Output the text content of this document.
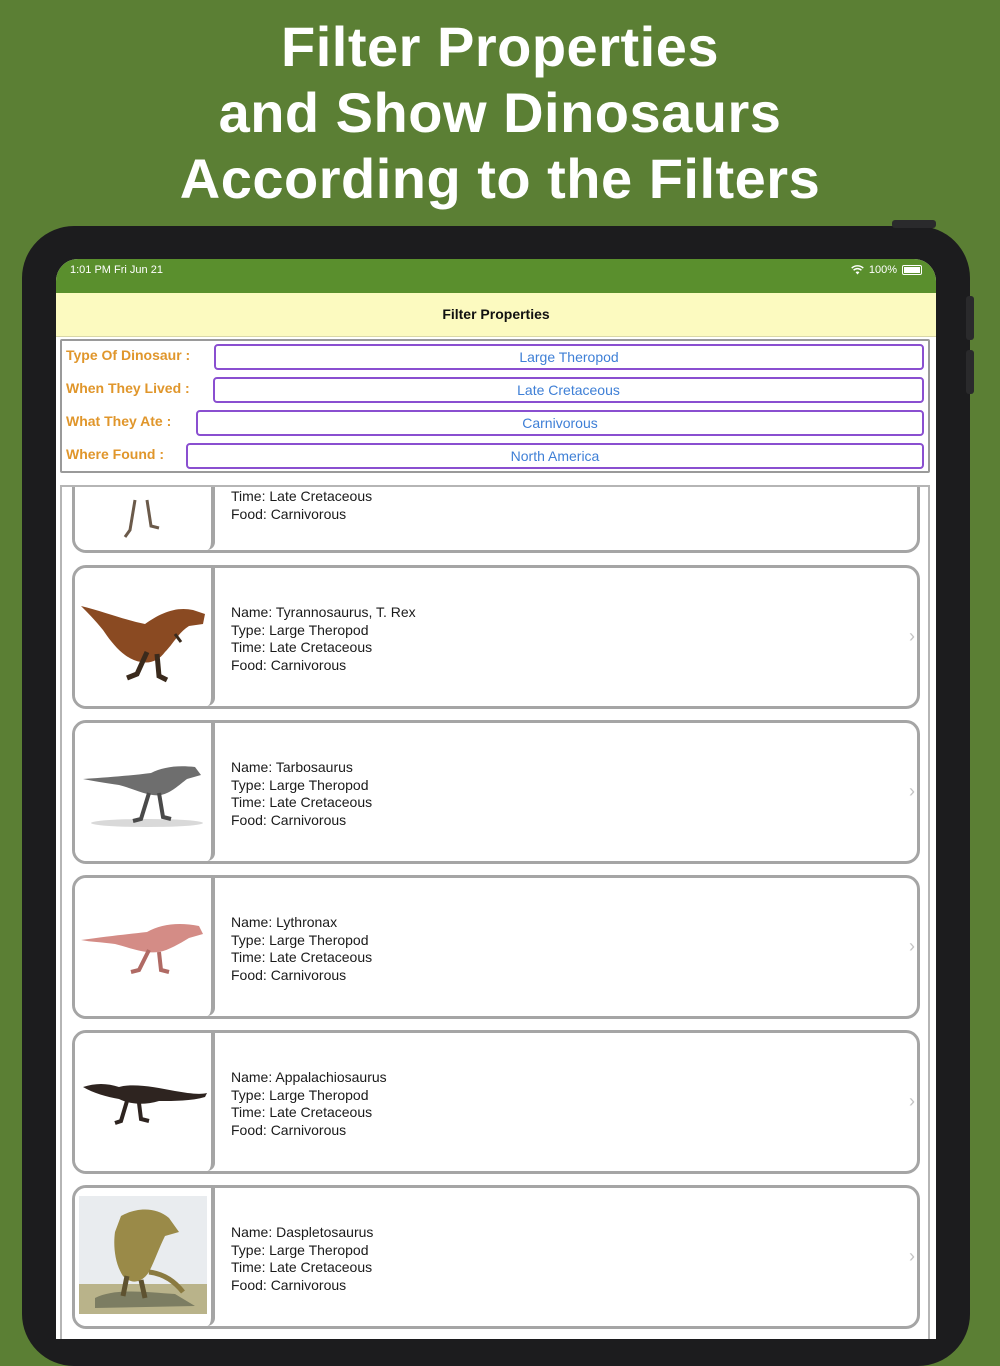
Filter Properties
and Show Dinosaurs
According to the Filters
1:01 PM Fri Jun 21	100%
Filter Properties
Type Of Dinosaur :	Large Theropod
When They Lived :	Late Cretaceous
What They Ate :	Carnivorous
Where Found :	North America
Time: Late Cretaceous
Food: Carnivorous
Name: Tyrannosaurus, T. Rex
Type: Large Theropod
Time: Late Cretaceous
Food: Carnivorous
›
Name: Tarbosaurus
Type: Large Theropod
Time: Late Cretaceous
Food: Carnivorous
›
Name: Lythronax
Type: Large Theropod
Time: Late Cretaceous
Food: Carnivorous
›
Name: Appalachiosaurus
Type: Large Theropod
Time: Late Cretaceous
Food: Carnivorous
›
Name: Daspletosaurus
Type: Large Theropod
Time: Late Cretaceous
Food: Carnivorous
›
